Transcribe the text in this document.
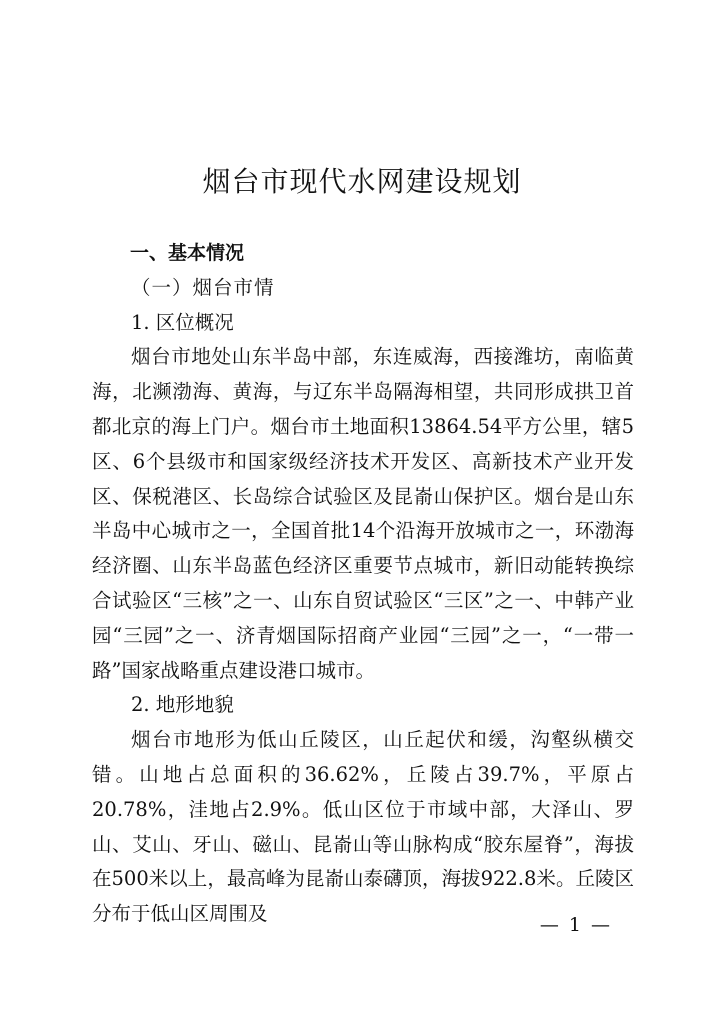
烟台市现代水网建设规划

一、基本情况

（一）烟台市情

1. 区位概况

烟台市地处山东半岛中部，东连威海，西接潍坊，南临黄海，北濒渤海、黄海，与辽东半岛隔海相望，共同形成拱卫首都北京的海上门户。烟台市土地面积13864.54平方公里，辖5区、6个县级市和国家级经济技术开发区、高新技术产业开发区、保税港区、长岛综合试验区及昆嵛山保护区。烟台是山东半岛中心城市之一，全国首批14个沿海开放城市之一，环渤海经济圈、山东半岛蓝色经济区重要节点城市，新旧动能转换综合试验区“三核”之一、山东自贸试验区“三区”之一、中韩产业园“三园”之一、济青烟国际招商产业园“三园”之一，“一带一路”国家战略重点建设港口城市。

2. 地形地貌

烟台市地形为低山丘陵区，山丘起伏和缓，沟壑纵横交错。山地占总面积的36.62%，丘陵占39.7%，平原占20.78%，洼地占2.9%。低山区位于市域中部，大泽山、罗山、艾山、牙山、磁山、昆嵛山等山脉构成“胶东屋脊”，海拔在500米以上，最高峰为昆嵛山泰礴顶，海拔922.8米。丘陵区分布于低山区周围及	— 1 —
